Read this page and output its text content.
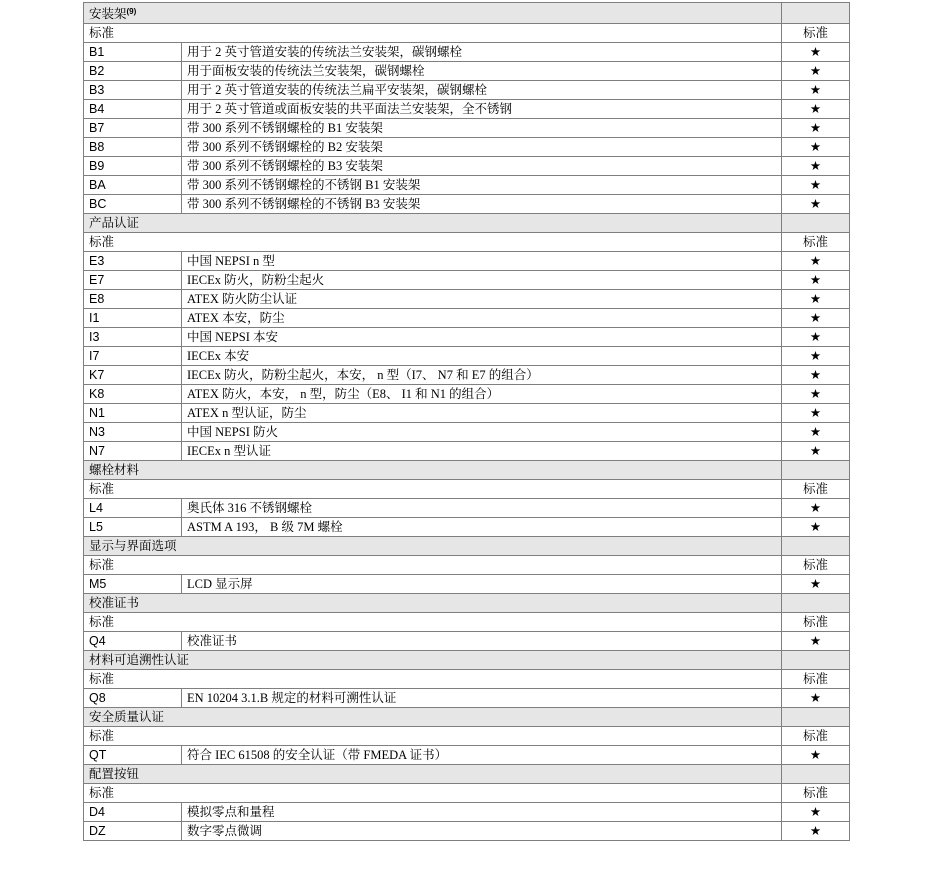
安装架$^{(9)}$	
标准		标准
B1	用于 2 英寸管道安装的传统法兰安装架，碳钢螺栓	★
B2	用于面板安装的传统法兰安装架，碳钢螺栓	★
B3	用于 2 英寸管道安装的传统法兰扁平安装架，碳钢螺栓	★
B4	用于 2 英寸管道或面板安装的共平面法兰安装架，全不锈钢	★
B7	带 300 系列不锈钢螺栓的 B1 安装架	★
B8	带 300 系列不锈钢螺栓的 B2 安装架	★
B9	带 300 系列不锈钢螺栓的 B3 安装架	★
BA	带 300 系列不锈钢螺栓的不锈钢 B1 安装架	★
BC	带 300 系列不锈钢螺栓的不锈钢 B3 安装架	★
产品认证		
标准		标准
E3	中国 NEPSI n 型	★
E7	IECEx 防火，防粉尘起火	★
E8	ATEX 防火防尘认证	★
I1	ATEX 本安，防尘	★
I3	中国 NEPSI 本安	★
I7	IECEx 本安	★
K7	IECEx 防火，防粉尘起火，本安， n 型（I7、 N7 和 E7 的组合）	★
K8	ATEX 防火，本安， n 型，防尘（E8、 I1 和 N1 的组合）	★
N1	ATEX n 型认证，防尘	★
N3	中国 NEPSI 防火	★
N7	IECEx n 型认证	★
螺栓材料		
标准		标准
L4	奥氏体 316 不锈钢螺栓	★
L5	ASTM A 193， B 级 7M 螺栓	★
显示与界面选项		
标准		标准
M5	LCD 显示屏	★
校准证书		
标准		标准
Q4	校准证书	★
材料可追溯性认证		
标准		标准
Q8	EN 10204 3.1.B 规定的材料可溯性认证	★
安全质量认证		
标准		标准
QT	符合 IEC 61508 的安全认证（带 FMEDA 证书）	★
配置按钮		
标准		标准
D4	模拟零点和量程	★
DZ	数字零点微调	★
